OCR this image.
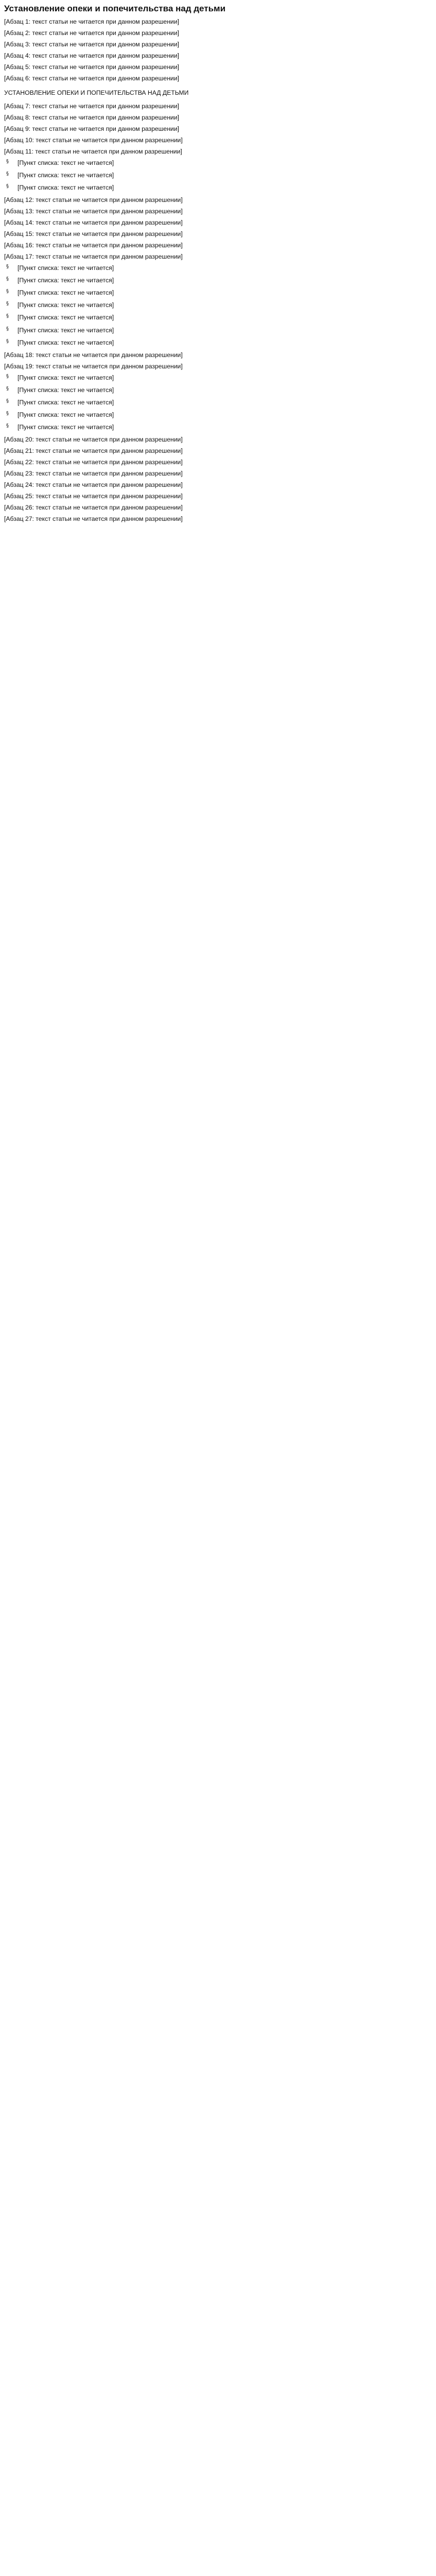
Установление опеки и попечительства над детьми

[Абзац 1: текст статьи не читается при данном разрешении]

[Абзац 2: текст статьи не читается при данном разрешении]

[Абзац 3: текст статьи не читается при данном разрешении]

[Абзац 4: текст статьи не читается при данном разрешении]

[Абзац 5: текст статьи не читается при данном разрешении]

[Абзац 6: текст статьи не читается при данном разрешении]

УСТАНОВЛЕНИЕ ОПЕКИ И ПОПЕЧИТЕЛЬСТВА НАД ДЕТЬМИ

[Абзац 7: текст статьи не читается при данном разрешении]

[Абзац 8: текст статьи не читается при данном разрешении]

[Абзац 9: текст статьи не читается при данном разрешении]

[Абзац 10: текст статьи не читается при данном разрешении]

[Абзац 11: текст статьи не читается при данном разрешении]

§	[Пункт списка: текст не читается]
§	[Пункт списка: текст не читается]
§	[Пункт списка: текст не читается]

[Абзац 12: текст статьи не читается при данном разрешении]

[Абзац 13: текст статьи не читается при данном разрешении]

[Абзац 14: текст статьи не читается при данном разрешении]

[Абзац 15: текст статьи не читается при данном разрешении]

[Абзац 16: текст статьи не читается при данном разрешении]

[Абзац 17: текст статьи не читается при данном разрешении]

§	[Пункт списка: текст не читается]
§	[Пункт списка: текст не читается]
§	[Пункт списка: текст не читается]
§	[Пункт списка: текст не читается]
§	[Пункт списка: текст не читается]
§	[Пункт списка: текст не читается]
§	[Пункт списка: текст не читается]

[Абзац 18: текст статьи не читается при данном разрешении]

[Абзац 19: текст статьи не читается при данном разрешении]

§	[Пункт списка: текст не читается]
§	[Пункт списка: текст не читается]
§	[Пункт списка: текст не читается]
§	[Пункт списка: текст не читается]
§	[Пункт списка: текст не читается]

[Абзац 20: текст статьи не читается при данном разрешении]

[Абзац 21: текст статьи не читается при данном разрешении]

[Абзац 22: текст статьи не читается при данном разрешении]

[Абзац 23: текст статьи не читается при данном разрешении]

[Абзац 24: текст статьи не читается при данном разрешении]

[Абзац 25: текст статьи не читается при данном разрешении]

[Абзац 26: текст статьи не читается при данном разрешении]

[Абзац 27: текст статьи не читается при данном разрешении]
